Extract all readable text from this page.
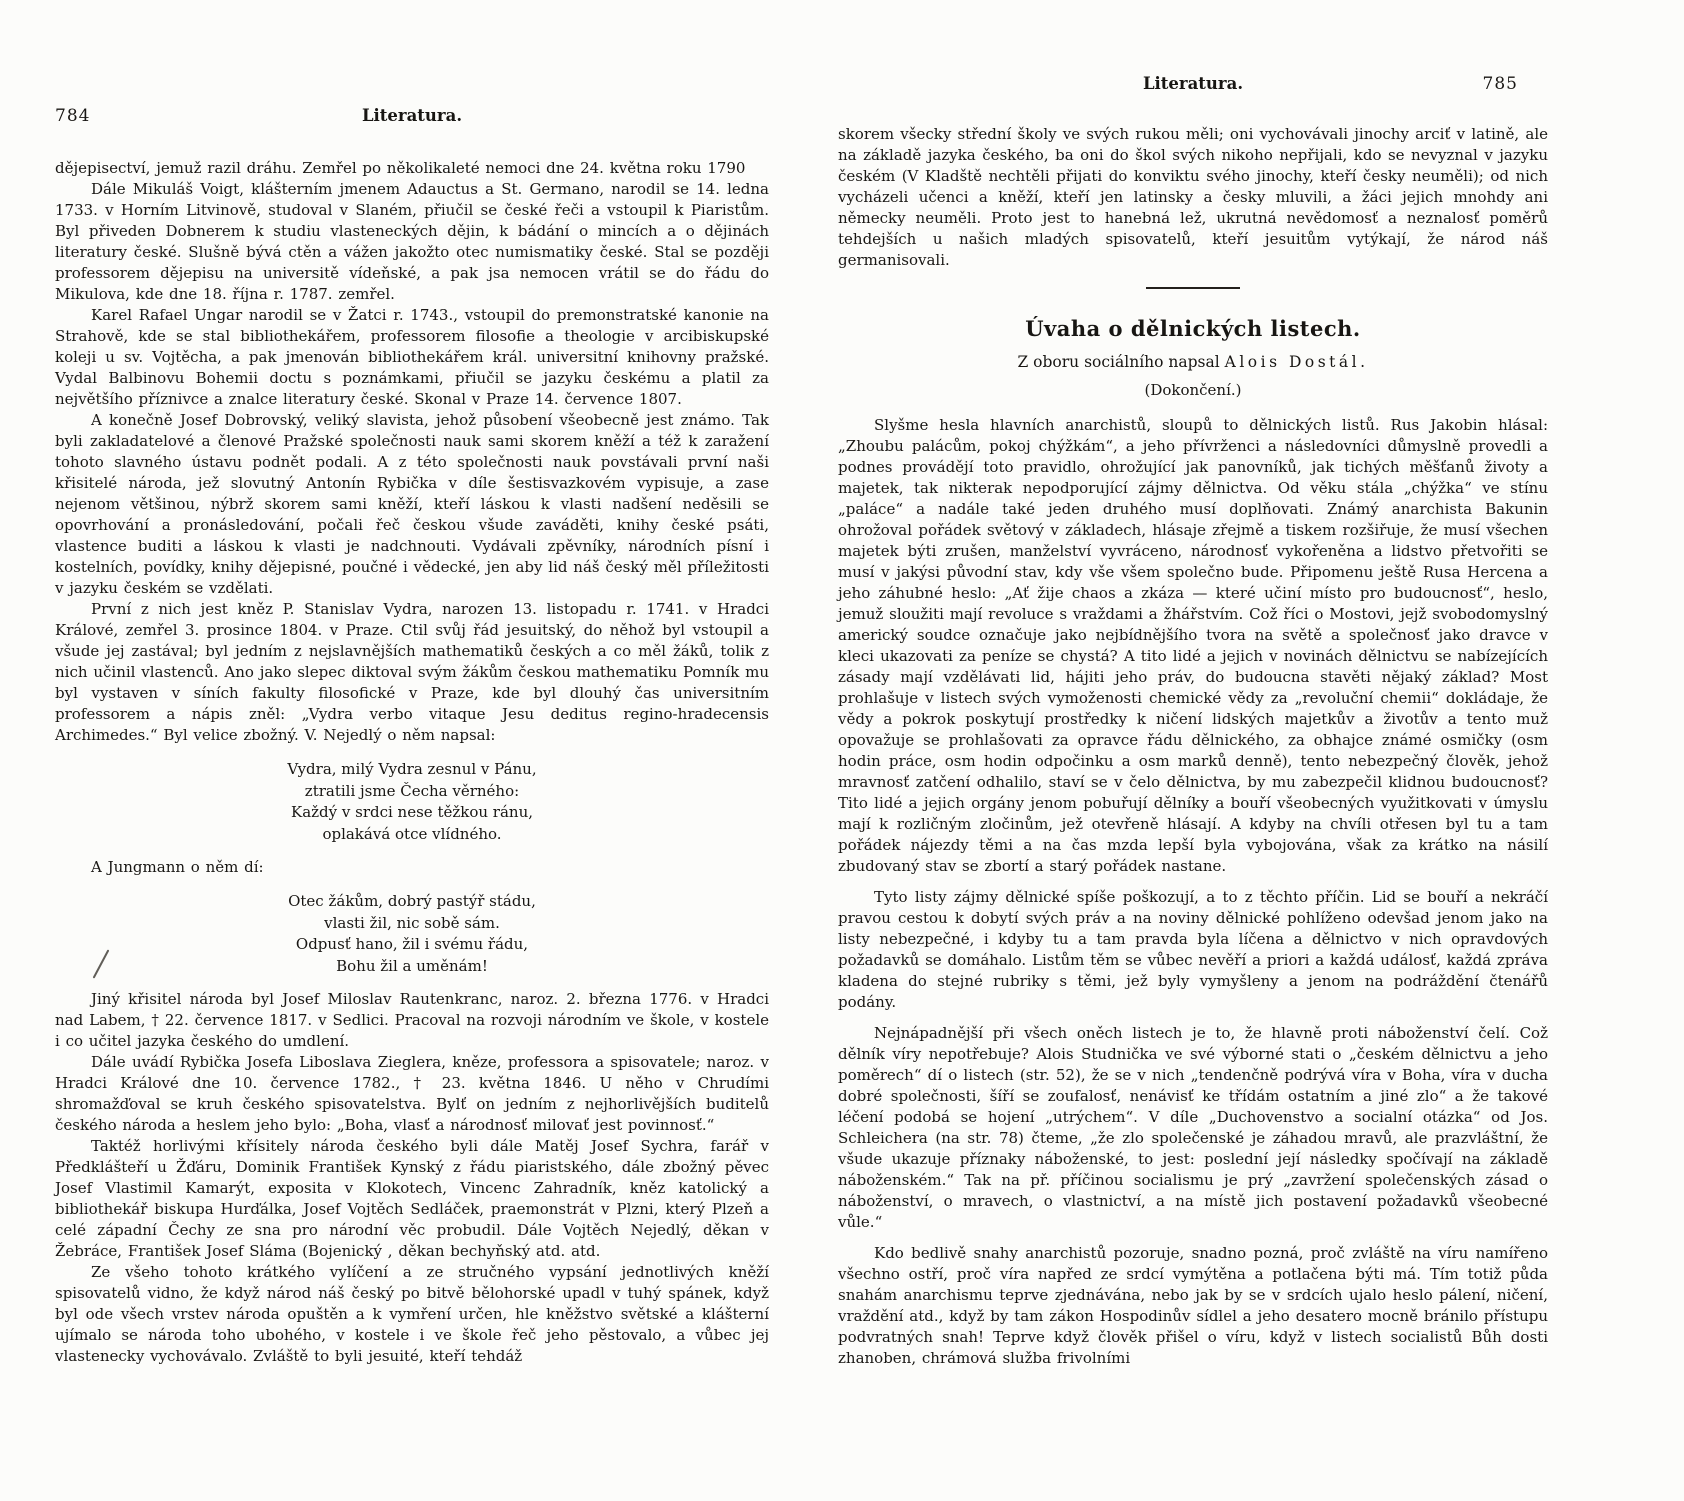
784	Literatura.

dějepisectví, jemuž razil dráhu. Zemřel po několikaleté nemoci dne 24. května roku 1790

Dále Mikuláš Voigt, klášterním jmenem Adauctus a St. Germano, narodil se 14. ledna 1733. v Horním Litvinově, studoval v Slaném, přiučil se české řeči a vstoupil k Piaristům. Byl přiveden Dobnerem k studiu vlasteneckých dějin, k bádání o mincích a o dějinách literatury české. Slušně bývá ctěn a vážen jakožto otec numismatiky české. Stal se později professorem dějepisu na universitě vídeňské, a pak jsa nemocen vrátil se do řádu do Mikulova, kde dne 18. října r. 1787. zemřel.

Karel Rafael Ungar narodil se v Žatci r. 1743., vstoupil do premonstratské kanonie na Strahově, kde se stal bibliothekářem, professorem filosofie a theologie v arcibiskupské koleji u sv. Vojtěcha, a pak jmenován bibliothekářem král. universitní knihovny pražské. Vydal Balbinovu Bohemii doctu s poznámkami, přiučil se jazyku českému a platil za největšího příznivce a znalce literatury české. Skonal v Praze 14. července 1807.

A konečně Josef Dobrovský, veliký slavista, jehož působení všeobecně jest známo. Tak byli zakladatelové a členové Pražské společnosti nauk sami skorem kněží a též k zaražení tohoto slavného ústavu podnět podali. A z této společnosti nauk povstávali první naši křisitelé národa, jež slovutný Antonín Rybička v díle šestisvazkovém vypisuje, a zase nejenom většinou, nýbrž skorem sami kněží, kteří láskou k vlasti nadšení neděsili se opovrhování a pronásledování, počali řeč českou všude zaváděti, knihy české psáti, vlastence buditi a láskou k vlasti je nadchnouti. Vydávali zpěvníky, národních písní i kostelních, povídky, knihy dějepisné, poučné i vědecké, jen aby lid náš český měl příležitosti v jazyku českém se vzdělati.

První z nich jest kněz P. Stanislav Vydra, narozen 13. listopadu r. 1741. v Hradci Králové, zemřel 3. prosince 1804. v Praze. Ctil svůj řád jesuitský, do něhož byl vstoupil a všude jej zastával; byl jedním z nejslavnějších mathematiků českých a co měl žáků, tolik z nich učinil vlastenců. Ano jako slepec diktoval svým žákům českou mathematiku Pomník mu byl vystaven v síních fakulty filosofické v Praze, kde byl dlouhý čas universitním professorem a nápis zněl: „Vydra verbo vitaque Jesu deditus regino-hradecensis Archimedes.“ Byl velice zbožný. V. Nejedlý o něm napsal:

Vydra, milý Vydra zesnul v Pánu,
ztratili jsme Čecha věrného:
Každý v srdci nese těžkou ránu,
oplakává otce vlídného.

A Jungmann o něm dí:

Otec žákům, dobrý pastýř stádu,
vlasti žil, nic sobě sám.
Odpusť hano, žil i svému řádu,
Bohu žil a uměnám!

Jiný křisitel národa byl Josef Miloslav Rautenkranc, naroz. 2. března 1776. v Hradci nad Labem, † 22. července 1817. v Sedlici. Pracoval na rozvoji národním ve škole, v kostele i co učitel jazyka českého do umdlení.

Dále uvádí Rybička Josefa Liboslava Zieglera, kněze, professora a spisovatele; naroz. v Hradci Králové dne 10. července 1782., † 23. května 1846. U něho v Chrudími shromažďoval se kruh českého spisovatelstva. Bylť on jedním z nejhorlivějších buditelů českého národa a heslem jeho bylo: „Boha, vlasť a národnosť milovať jest povinnosť.“

Taktéž horlivými křísitely národa českého byli dále Matěj Josef Sychra, farář v Předklášteří u Žďáru, Dominik František Kynský z řádu piaristského, dále zbožný pěvec Josef Vlastimil Kamarýt, exposita v Klokotech, Vincenc Zahradník, kněz katolický a bibliothekář biskupa Hurďálka, Josef Vojtěch Sedláček, praemonstrát v Plzni, který Plzeň a celé západní Čechy ze sna pro národní věc probudil. Dále Vojtěch Nejedlý, děkan v Žebráce, František Josef Sláma (Bojenický , děkan bechyňský atd. atd.

Ze všeho tohoto krátkého vylíčení a ze stručného vypsání jednotlivých kněží spisovatelů vidno, že když národ náš český po bitvě bělohorské upadl v tuhý spánek, když byl ode všech vrstev národa opuštěn a k vymření určen, hle kněžstvo světské a klášterní ujímalo se národa toho ubohého, v kostele i ve škole řeč jeho pěstovalo, a vůbec jej vlastenecky vychovávalo. Zvláště to byli jesuité, kteří tehdáž

Literatura.	785

skorem všecky střední školy ve svých rukou měli; oni vychovávali jinochy arciť v latině, ale na základě jazyka českého, ba oni do škol svých nikoho nepřijali, kdo se nevyznal v jazyku českém (V Kladště nechtěli přijati do konviktu svého jinochy, kteří česky neuměli); od nich vycházeli učenci a kněží, kteří jen latinsky a česky mluvili, a žáci jejich mnohdy ani německy neuměli. Proto jest to hanebná lež, ukrutná nevědomosť a neznalosť poměrů tehdejších u našich mladých spisovatelů, kteří jesuitům vytýkají, že národ náš germanisovali.

Úvaha o dělnických listech.

Z oboru sociálního napsal Alois Dostál.

(Dokončení.)

Slyšme hesla hlavních anarchistů, sloupů to dělnických listů. Rus Jakobin hlásal: „Zhoubu palácům, pokoj chýžkám“, a jeho přívrženci a následovníci důmyslně provedli a podnes provádějí toto pravidlo, ohrožující jak panovníků, jak tichých měšťanů životy a majetek, tak nikterak nepodporující zájmy dělnictva. Od věku stála „chýžka“ ve stínu „paláce“ a nadále také jeden druhého musí doplňovati. Známý anarchista Bakunin ohrožoval pořádek světový v základech, hlásaje zřejmě a tiskem rozšiřuje, že musí všechen majetek býti zrušen, manželství vyvráceno, národnosť vykořeněna a lidstvo přetvořiti se musí v jakýsi původní stav, kdy vše všem společno bude. Připomenu ještě Rusa Hercena a jeho záhubné heslo: „Ať žije chaos a zkáza — které učiní místo pro budoucnosť“, heslo, jemuž sloužiti mají revoluce s vraždami a žhářstvím. Což říci o Mostovi, jejž svobodomyslný americký soudce označuje jako nejbídnějšího tvora na světě a společnosť jako dravce v kleci ukazovati za peníze se chystá? A tito lidé a jejich v novinách dělnictvu se nabízejících zásady mají vzdělávati lid, hájiti jeho práv, do budoucna stavěti nějaký základ? Most prohlašuje v listech svých vymoženosti chemické vědy za „revoluční chemii“ dokládaje, že vědy a pokrok poskytují prostředky k ničení lidských majetkův a životův a tento muž opovažuje se prohlašovati za opravce řádu dělnického, za obhajce známé osmičky (osm hodin práce, osm hodin odpočinku a osm marků denně), tento nebezpečný člověk, jehož mravnosť zatčení odhalilo, staví se v čelo dělnictva, by mu zabezpečil klidnou budoucnosť? Tito lidé a jejich orgány jenom pobuřují dělníky a bouří všeobecných využitkovati v úmyslu mají k rozličným zločinům, jež otevřeně hlásají. A kdyby na chvíli otřesen byl tu a tam pořádek nájezdy těmi a na čas mzda lepší byla vybojována, však za krátko na násilí zbudovaný stav se zbortí a starý pořádek nastane.

Tyto listy zájmy dělnické spíše poškozují, a to z těchto příčin. Lid se bouří a nekráčí pravou cestou k dobytí svých práv a na noviny dělnické pohlíženo odevšad jenom jako na listy nebezpečné, i kdyby tu a tam pravda byla líčena a dělnictvo v nich opravdových požadavků se domáhalo. Listům těm se vůbec nevěří a priori a každá událosť, každá zpráva kladena do stejné rubriky s těmi, jež byly vymyšleny a jenom na podráždění čtenářů podány.

Nejnápadnější při všech oněch listech je to, že hlavně proti náboženství čelí. Což dělník víry nepotřebuje? Alois Studnička ve své výborné stati o „českém dělnictvu a jeho poměrech“ dí o listech (str. 52), že se v nich „tendenčně podrývá víra v Boha, víra v ducha dobré společnosti, šíří se zoufalosť, nenávisť ke třídám ostatním a jiné zlo“ a že takové léčení podobá se hojení „utrýchem“. V díle „Duchovenstvo a socialní otázka“ od Jos. Schleichera (na str. 78) čteme, „že zlo společenské je záhadou mravů, ale prazvláštní, že všude ukazuje příznaky náboženské, to jest: poslední její následky spočívají na základě náboženském.“ Tak na př. příčinou socialismu je prý „zavržení společenských zásad o náboženství, o mravech, o vlastnictví, a na místě jich postavení požadavků všeobecné vůle.“

Kdo bedlivě snahy anarchistů pozoruje, snadno pozná, proč zvláště na víru namířeno všechno ostří, proč víra napřed ze srdcí vymýtěna a potlačena býti má. Tím totiž půda snahám anarchismu teprve zjednávána, nebo jak by se v srdcích ujalo heslo pálení, ničení, vraždění atd., když by tam zákon Hospodinův sídlel a jeho desatero mocně bránilo přístupu podvratných snah! Teprve když člověk přišel o víru, když v listech socialistů Bůh dosti zhanoben, chrámová služba frivolními
